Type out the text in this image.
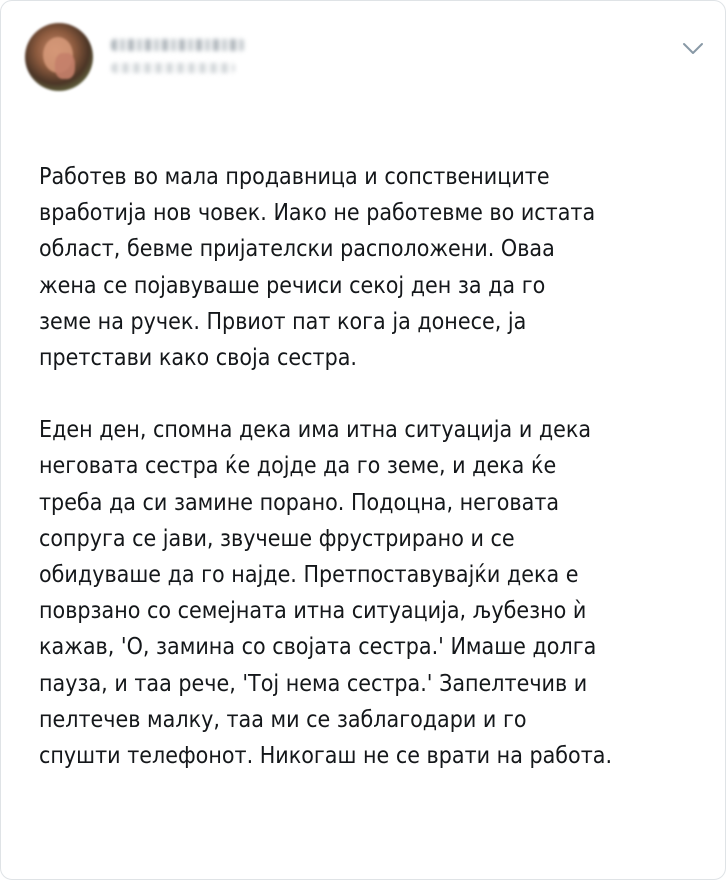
Работев во мала продавница и сопствениците

вработија нов човек. Иако не работевме во истата

област, бевме пријателски расположени. Оваа

жена се појавуваше речиси секој ден за да го

земе на ручек. Првиот пат кога ја донесе, ја

претстави како своја сестра.

Еден ден, спомна дека има итна ситуација и дека

неговата сестра ќе дојде да го земе, и дека ќе

треба да си замине порано. Подоцна, неговата

сопруга се јави, звучеше фрустрирано и се

обидуваше да го најде. Претпоставувајќи дека е

поврзано со семејната итна ситуација, љубезно ѝ

кажав, 'О, замина со својата сестра.' Имаше долга

пауза, и таа рече, 'Тој нема сестра.' Запелтечив и

пелтечев малку, таа ми се заблагодари и го

спушти телефонот. Никогаш не се врати на работа.
